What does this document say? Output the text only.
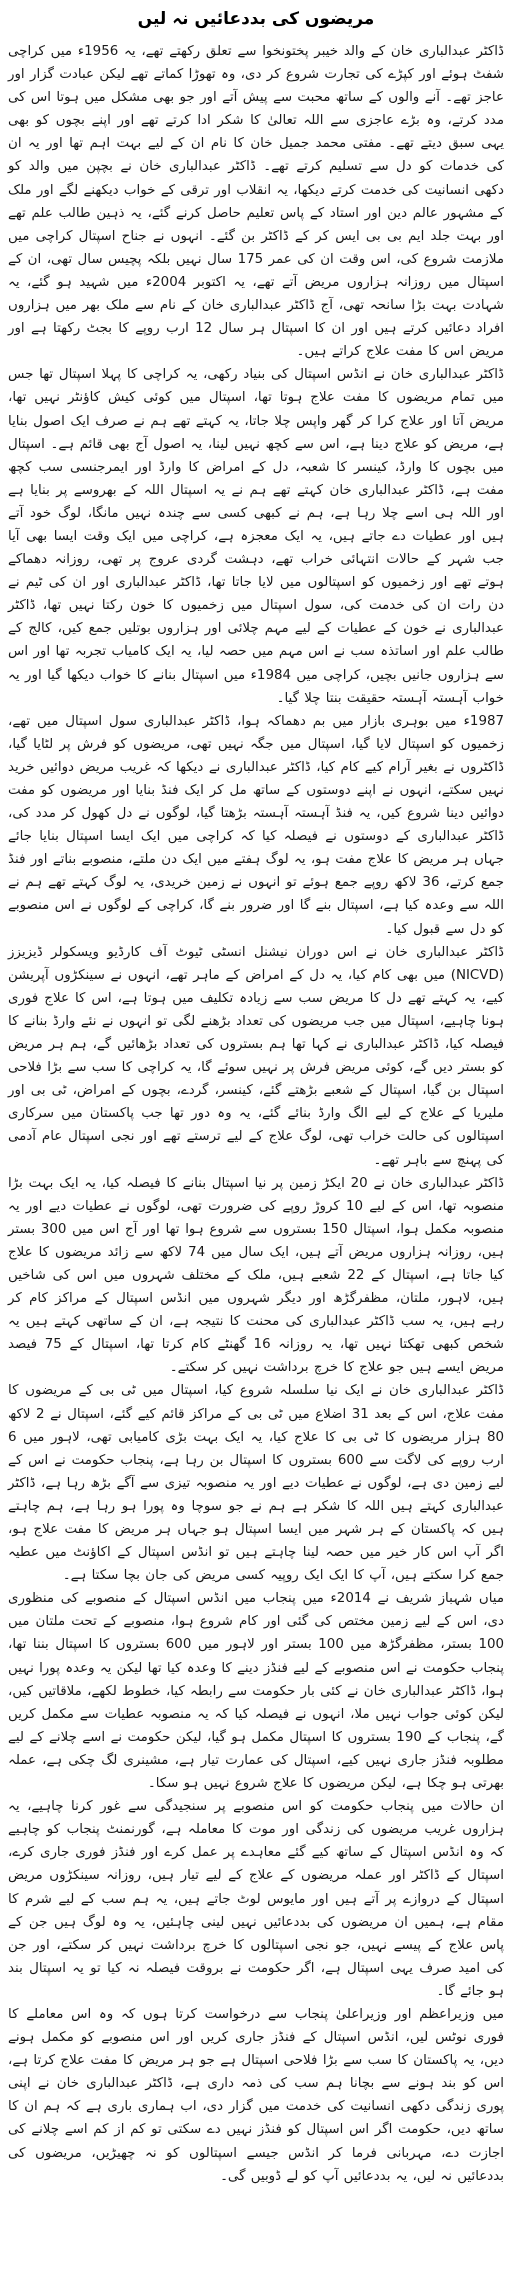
مریضوں کی بددعائیں نہ لیں

ڈاکٹر عبدالباری خان کے والد خیبر پختونخوا سے تعلق رکھتے تھے، یہ 1956ء میں کراچی شفٹ ہوئے اور کپڑے کی تجارت شروع کر دی، وہ تھوڑا کماتے تھے لیکن عبادت گزار اور عاجز تھے۔ آنے والوں کے ساتھ محبت سے پیش آتے اور جو بھی مشکل میں ہوتا اس کی مدد کرتے، وہ بڑے عاجزی سے اللہ تعالیٰ کا شکر ادا کرتے تھے اور اپنے بچوں کو بھی یہی سبق دیتے تھے۔ مفتی محمد جمیل خان کا نام ان کے لیے بہت اہم تھا اور یہ ان کی خدمات کو دل سے تسلیم کرتے تھے۔ ڈاکٹر عبدالباری خان نے بچپن میں والد کو دکھی انسانیت کی خدمت کرتے دیکھا، یہ انقلاب اور ترقی کے خواب دیکھنے لگے اور ملک کے مشہور عالم دین اور استاد کے پاس تعلیم حاصل کرنے گئے، یہ ذہین طالب علم تھے اور بہت جلد ایم بی بی ایس کر کے ڈاکٹر بن گئے۔ انہوں نے جناح اسپتال کراچی میں ملازمت شروع کی، اس وقت ان کی عمر 175 سال نہیں بلکہ پچیس سال تھی، ان کے اسپتال میں روزانہ ہزاروں مریض آتے تھے، یہ اکتوبر 2004ء میں شہید ہو گئے، یہ شہادت بہت بڑا سانحہ تھی، آج ڈاکٹر عبدالباری خان کے نام سے ملک بھر میں ہزاروں افراد دعائیں کرتے ہیں اور ان کا اسپتال ہر سال 12 ارب روپے کا بجٹ رکھتا ہے اور مریض اس کا مفت علاج کراتے ہیں۔

ڈاکٹر عبدالباری خان نے انڈس اسپتال کی بنیاد رکھی، یہ کراچی کا پہلا اسپتال تھا جس میں تمام مریضوں کا مفت علاج ہوتا تھا، اسپتال میں کوئی کیش کاؤنٹر نہیں تھا، مریض آتا اور علاج کرا کر گھر واپس چلا جاتا، یہ کہتے تھے ہم نے صرف ایک اصول بنایا ہے، مریض کو علاج دینا ہے، اس سے کچھ نہیں لینا، یہ اصول آج بھی قائم ہے۔ اسپتال میں بچوں کا وارڈ، کینسر کا شعبہ، دل کے امراض کا وارڈ اور ایمرجنسی سب کچھ مفت ہے، ڈاکٹر عبدالباری خان کہتے تھے ہم نے یہ اسپتال اللہ کے بھروسے پر بنایا ہے اور اللہ ہی اسے چلا رہا ہے، ہم نے کبھی کسی سے چندہ نہیں مانگا، لوگ خود آتے ہیں اور عطیات دے جاتے ہیں، یہ ایک معجزہ ہے، کراچی میں ایک وقت ایسا بھی آیا جب شہر کے حالات انتہائی خراب تھے، دہشت گردی عروج پر تھی، روزانہ دھماکے ہوتے تھے اور زخمیوں کو اسپتالوں میں لایا جاتا تھا، ڈاکٹر عبدالباری اور ان کی ٹیم نے دن رات ان کی خدمت کی، سول اسپتال میں زخمیوں کا خون رکتا نہیں تھا، ڈاکٹر عبدالباری نے خون کے عطیات کے لیے مہم چلائی اور ہزاروں بوتلیں جمع کیں، کالج کے طالب علم اور اساتذہ سب نے اس مہم میں حصہ لیا، یہ ایک کامیاب تجربہ تھا اور اس سے ہزاروں جانیں بچیں، کراچی میں 1984ء میں اسپتال بنانے کا خواب دیکھا گیا اور یہ خواب آہستہ آہستہ حقیقت بنتا چلا گیا۔

1987ء میں بوہری بازار میں بم دھماکہ ہوا، ڈاکٹر عبدالباری سول اسپتال میں تھے، زخمیوں کو اسپتال لایا گیا، اسپتال میں جگہ نہیں تھی، مریضوں کو فرش پر لٹایا گیا، ڈاکٹروں نے بغیر آرام کیے کام کیا، ڈاکٹر عبدالباری نے دیکھا کہ غریب مریض دوائیں خرید نہیں سکتے، انہوں نے اپنے دوستوں کے ساتھ مل کر ایک فنڈ بنایا اور مریضوں کو مفت دوائیں دینا شروع کیں، یہ فنڈ آہستہ آہستہ بڑھتا گیا، لوگوں نے دل کھول کر مدد کی، ڈاکٹر عبدالباری کے دوستوں نے فیصلہ کیا کہ کراچی میں ایک ایسا اسپتال بنایا جائے جہاں ہر مریض کا علاج مفت ہو، یہ لوگ ہفتے میں ایک دن ملتے، منصوبے بناتے اور فنڈ جمع کرتے، 36 لاکھ روپے جمع ہوئے تو انہوں نے زمین خریدی، یہ لوگ کہتے تھے ہم نے اللہ سے وعدہ کیا ہے، اسپتال بنے گا اور ضرور بنے گا، کراچی کے لوگوں نے اس منصوبے کو دل سے قبول کیا۔

ڈاکٹر عبدالباری خان نے اس دوران نیشنل انسٹی ٹیوٹ آف کارڈیو ویسکولر ڈیزیزز (NICVD) میں بھی کام کیا، یہ دل کے امراض کے ماہر تھے، انہوں نے سینکڑوں آپریشن کیے، یہ کہتے تھے دل کا مریض سب سے زیادہ تکلیف میں ہوتا ہے، اس کا علاج فوری ہونا چاہیے، اسپتال میں جب مریضوں کی تعداد بڑھنے لگی تو انہوں نے نئے وارڈ بنانے کا فیصلہ کیا، ڈاکٹر عبدالباری نے کہا تھا ہم بستروں کی تعداد بڑھائیں گے، ہم ہر مریض کو بستر دیں گے، کوئی مریض فرش پر نہیں سوئے گا، یہ کراچی کا سب سے بڑا فلاحی اسپتال بن گیا، اسپتال کے شعبے بڑھتے گئے، کینسر، گردے، بچوں کے امراض، ٹی بی اور ملیریا کے علاج کے لیے الگ وارڈ بنائے گئے، یہ وہ دور تھا جب پاکستان میں سرکاری اسپتالوں کی حالت خراب تھی، لوگ علاج کے لیے ترستے تھے اور نجی اسپتال عام آدمی کی پہنچ سے باہر تھے۔

ڈاکٹر عبدالباری خان نے 20 ایکڑ زمین پر نیا اسپتال بنانے کا فیصلہ کیا، یہ ایک بہت بڑا منصوبہ تھا، اس کے لیے 10 کروڑ روپے کی ضرورت تھی، لوگوں نے عطیات دیے اور یہ منصوبہ مکمل ہوا، اسپتال 150 بستروں سے شروع ہوا تھا اور آج اس میں 300 بستر ہیں، روزانہ ہزاروں مریض آتے ہیں، ایک سال میں 74 لاکھ سے زائد مریضوں کا علاج کیا جاتا ہے، اسپتال کے 22 شعبے ہیں، ملک کے مختلف شہروں میں اس کی شاخیں ہیں، لاہور، ملتان، مظفرگڑھ اور دیگر شہروں میں انڈس اسپتال کے مراکز کام کر رہے ہیں، یہ سب ڈاکٹر عبدالباری کی محنت کا نتیجہ ہے، ان کے ساتھی کہتے ہیں یہ شخص کبھی تھکتا نہیں تھا، یہ روزانہ 16 گھنٹے کام کرتا تھا، اسپتال کے 75 فیصد مریض ایسے ہیں جو علاج کا خرچ برداشت نہیں کر سکتے۔

ڈاکٹر عبدالباری خان نے ایک نیا سلسلہ شروع کیا، اسپتال میں ٹی بی کے مریضوں کا مفت علاج، اس کے بعد 31 اضلاع میں ٹی بی کے مراکز قائم کیے گئے، اسپتال نے 2 لاکھ 80 ہزار مریضوں کا ٹی بی کا علاج کیا، یہ ایک بہت بڑی کامیابی تھی، لاہور میں 6 ارب روپے کی لاگت سے 600 بستروں کا اسپتال بن رہا ہے، پنجاب حکومت نے اس کے لیے زمین دی ہے، لوگوں نے عطیات دیے اور یہ منصوبہ تیزی سے آگے بڑھ رہا ہے، ڈاکٹر عبدالباری کہتے ہیں اللہ کا شکر ہے ہم نے جو سوچا وہ پورا ہو رہا ہے، ہم چاہتے ہیں کہ پاکستان کے ہر شہر میں ایسا اسپتال ہو جہاں ہر مریض کا مفت علاج ہو، اگر آپ اس کار خیر میں حصہ لینا چاہتے ہیں تو انڈس اسپتال کے اکاؤنٹ میں عطیہ جمع کرا سکتے ہیں، آپ کا ایک ایک روپیہ کسی مریض کی جان بچا سکتا ہے۔

میاں شہباز شریف نے 2014ء میں پنجاب میں انڈس اسپتال کے منصوبے کی منظوری دی، اس کے لیے زمین مختص کی گئی اور کام شروع ہوا، منصوبے کے تحت ملتان میں 100 بستر، مظفرگڑھ میں 100 بستر اور لاہور میں 600 بستروں کا اسپتال بننا تھا، پنجاب حکومت نے اس منصوبے کے لیے فنڈز دینے کا وعدہ کیا تھا لیکن یہ وعدہ پورا نہیں ہوا، ڈاکٹر عبدالباری خان نے کئی بار حکومت سے رابطہ کیا، خطوط لکھے، ملاقاتیں کیں، لیکن کوئی جواب نہیں ملا، انہوں نے فیصلہ کیا کہ یہ منصوبہ عطیات سے مکمل کریں گے، پنجاب کے 190 بستروں کا اسپتال مکمل ہو گیا، لیکن حکومت نے اسے چلانے کے لیے مطلوبہ فنڈز جاری نہیں کیے، اسپتال کی عمارت تیار ہے، مشینری لگ چکی ہے، عملہ بھرتی ہو چکا ہے، لیکن مریضوں کا علاج شروع نہیں ہو سکا۔

ان حالات میں پنجاب حکومت کو اس منصوبے پر سنجیدگی سے غور کرنا چاہیے، یہ ہزاروں غریب مریضوں کی زندگی اور موت کا معاملہ ہے، گورنمنٹ پنجاب کو چاہیے کہ وہ انڈس اسپتال کے ساتھ کیے گئے معاہدے پر عمل کرے اور فنڈز فوری جاری کرے، اسپتال کے ڈاکٹر اور عملہ مریضوں کے علاج کے لیے تیار ہیں، روزانہ سینکڑوں مریض اسپتال کے دروازے پر آتے ہیں اور مایوس لوٹ جاتے ہیں، یہ ہم سب کے لیے شرم کا مقام ہے، ہمیں ان مریضوں کی بددعائیں نہیں لینی چاہئیں، یہ وہ لوگ ہیں جن کے پاس علاج کے پیسے نہیں، جو نجی اسپتالوں کا خرچ برداشت نہیں کر سکتے، اور جن کی امید صرف یہی اسپتال ہے، اگر حکومت نے بروقت فیصلہ نہ کیا تو یہ اسپتال بند ہو جائے گا۔

میں وزیراعظم اور وزیراعلیٰ پنجاب سے درخواست کرتا ہوں کہ وہ اس معاملے کا فوری نوٹس لیں، انڈس اسپتال کے فنڈز جاری کریں اور اس منصوبے کو مکمل ہونے دیں، یہ پاکستان کا سب سے بڑا فلاحی اسپتال ہے جو ہر مریض کا مفت علاج کرتا ہے، اس کو بند ہونے سے بچانا ہم سب کی ذمہ داری ہے، ڈاکٹر عبدالباری خان نے اپنی پوری زندگی دکھی انسانیت کی خدمت میں گزار دی، اب ہماری باری ہے کہ ہم ان کا ساتھ دیں، حکومت اگر اس اسپتال کو فنڈز نہیں دے سکتی تو کم از کم اسے چلانے کی اجازت دے، مہربانی فرما کر انڈس جیسے اسپتالوں کو نہ چھیڑیں، مریضوں کی بددعائیں نہ لیں، یہ بددعائیں آپ کو لے ڈوبیں گی۔
